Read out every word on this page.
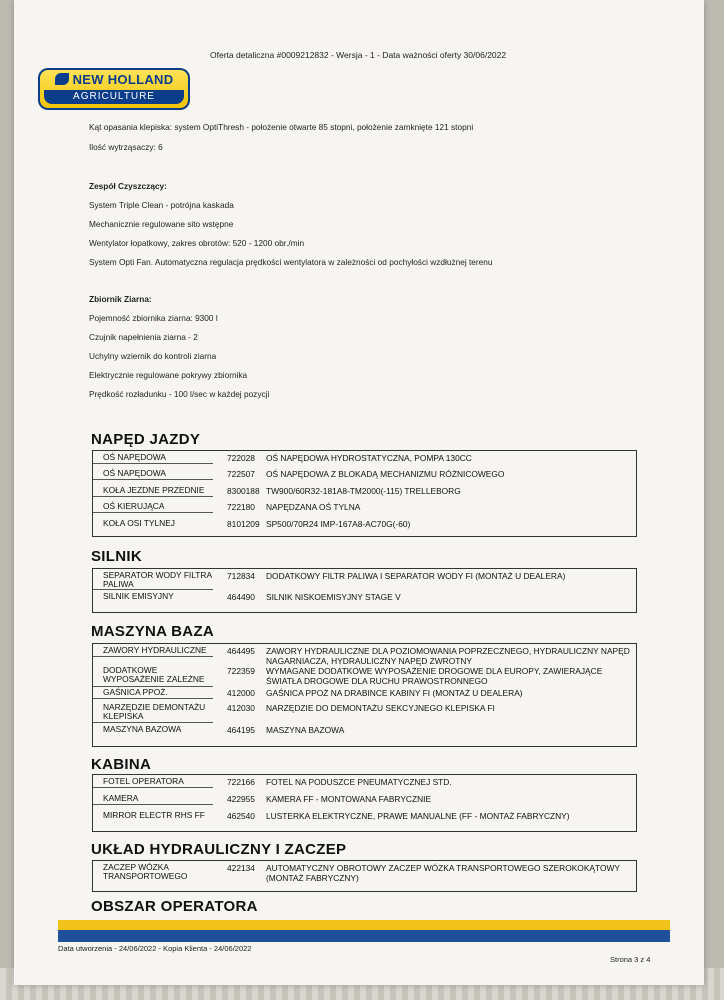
Oferta detaliczna #0009212832 - Wersja - 1 - Data ważności oferty 30/06/2022
NEW HOLLAND
AGRICULTURE
Kąt opasania klepiska: system OptiThresh - położenie otwarte 85 stopni, położenie zamknięte 121 stopni
Ilość wytrząsaczy: 6
Zespół Czyszczący:
System Triple Clean - potrójna kaskada
Mechanicznie regulowane sito wstępne
Wentylator łopatkowy, zakres obrotów: 520 - 1200 obr./min
System Opti Fan. Automatyczna regulacja prędkości wentylatora w zależności od pochyłości wzdłużnej terenu
Zbiornik Ziarna:
Pojemność zbiornika ziarna: 9300 l
Czujnik napełnienia ziarna - 2
Uchylny wziernik do kontroli ziarna
Elektrycznie regulowane pokrywy zbiornika
Prędkość rozładunku - 100 l/sec w każdej pozycji
NAPĘD JAZDY
OŚ NAPĘDOWA	722028 OŚ NAPĘDOWA HYDROSTATYCZNA, POMPA 130CC
OŚ NAPĘDOWA	722507 OŚ NAPĘDOWA Z BLOKADĄ MECHANIZMU RÓŻNICOWEGO
KOŁA JEZDNE PRZEDNIE	8300188 TW900/60R32-181A8-TM2000(-115) TRELLEBORG
OŚ KIERUJĄCA	722180 NAPĘDZANA OŚ TYLNA
KOŁA OSI TYLNEJ	8101209 SP500/70R24 IMP-167A8-AC70G(-60)
SILNIK
SEPARATOR WODY FILTRA PALIWA
712834 DODATKOWY FILTR PALIWA I SEPARATOR WODY FI (MONTAŻ U DEALERA)
SILNIK EMISYJNY	464490 SILNIK NISKOEMISYJNY STAGE V
MASZYNA BAZA
ZAWORY HYDRAULICZNE	464495 ZAWORY HYDRAULICZNE DLA POZIOMOWANIA POPRZECZNEGO, HYDRAULICZNY NAPĘD NAGARNIACZA, HYDRAULICZNY NAPĘD ZWROTNY
DODATKOWE WYPOSAŻENIE ZALEŻNE
722359 WYMAGANE DODATKOWE WYPOSAŻENIE DROGOWE DLA EUROPY, ZAWIERAJĄCE ŚWIATŁA DROGOWE DLA RUCHU PRAWOSTRONNEGO
GAŚNICA PPOŻ.	412000 GAŚNICA PPOŻ NA DRABINCE KABINY FI (MONTAŻ U DEALERA)
NARZĘDZIE DEMONTAŻU KLEPISKA
412030 NARZĘDZIE DO DEMONTAŻU SEKCYJNEGO KLEPISKA FI
MASZYNA BAZOWA	464195 MASZYNA BAZOWA
KABINA
FOTEL OPERATORA	722166 FOTEL NA PODUSZCE PNEUMATYCZNEJ STD.
KAMERA	422955 KAMERA FF - MONTOWANA FABRYCZNIE
MIRROR ELECTR RHS FF	462540 LUSTERKA ELEKTRYCZNE, PRAWE MANUALNE (FF - MONTAŻ FABRYCZNY)
UKŁAD HYDRAULICZNY I ZACZEP
ZACZEP WÓZKA TRANSPORTOWEGO
422134 AUTOMATYCZNY OBROTOWY ZACZEP WÓZKA TRANSPORTOWEGO SZEROKOKĄTOWY (MONTAŻ FABRYCZNY)
OBSZAR OPERATORA
Data utworzenia - 24/06/2022 - Kopia Klienta - 24/06/2022
Strona 3 z 4
